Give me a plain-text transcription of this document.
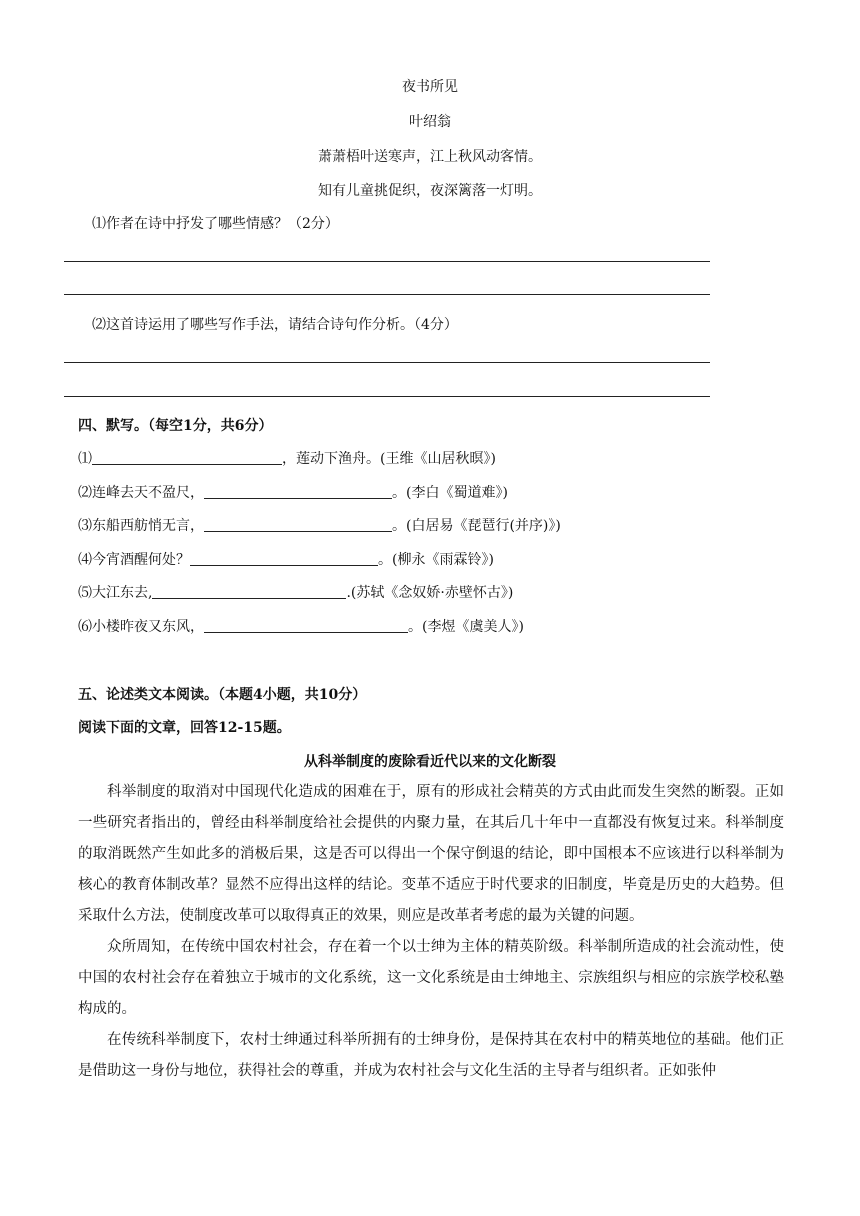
夜书所见
叶绍翁
萧萧梧叶送寒声，江上秋风动客情。
知有儿童挑促织，夜深篱落一灯明。
⑴作者在诗中抒发了哪些情感？（2分）
⑵这首诗运用了哪些写作手法，请结合诗句作分析。（4分）
四、默写。（每空1分，共6分）
⑴	，莲动下渔舟。(王维《山居秋暝》)
⑵连峰去天不盈尺，	。(李白《蜀道难》)
⑶东船西舫悄无言，	。(白居易《琵琶行(并序)》)
⑷今宵酒醒何处？	。(柳永《雨霖铃》)
⑸大江东去,	.(苏轼《念奴娇·赤壁怀古》)
⑹小楼昨夜又东风，	。(李煜《虞美人》)
五、论述类文本阅读。（本题4小题，共10分）
阅读下面的文章，回答12-15题。
从科举制度的废除看近代以来的文化断裂

科举制度的取消对中国现代化造成的困难在于，原有的形成社会精英的方式由此而发生突然的断裂。正如一些研究者指出的，曾经由科举制度给社会提供的内聚力量，在其后几十年中一直都没有恢复过来。科举制度的取消既然产生如此多的消极后果，这是否可以得出一个保守倒退的结论，即中国根本不应该进行以科举制为核心的教育体制改革？显然不应得出这样的结论。变革不适应于时代要求的旧制度，毕竟是历史的大趋势。但采取什么方法，使制度改革可以取得真正的效果，则应是改革者考虑的最为关键的问题。

众所周知，在传统中国农村社会，存在着一个以士绅为主体的精英阶级。科举制所造成的社会流动性，使中国的农村社会存在着独立于城市的文化系统，这一文化系统是由士绅地主、宗族组织与相应的宗族学校私塾构成的。

在传统科举制度下，农村士绅通过科举所拥有的士绅身份，是保持其在农村中的精英地位的基础。他们正是借助这一身份与地位，获得社会的尊重，并成为农村社会与文化生活的主导者与组织者。正如张仲
